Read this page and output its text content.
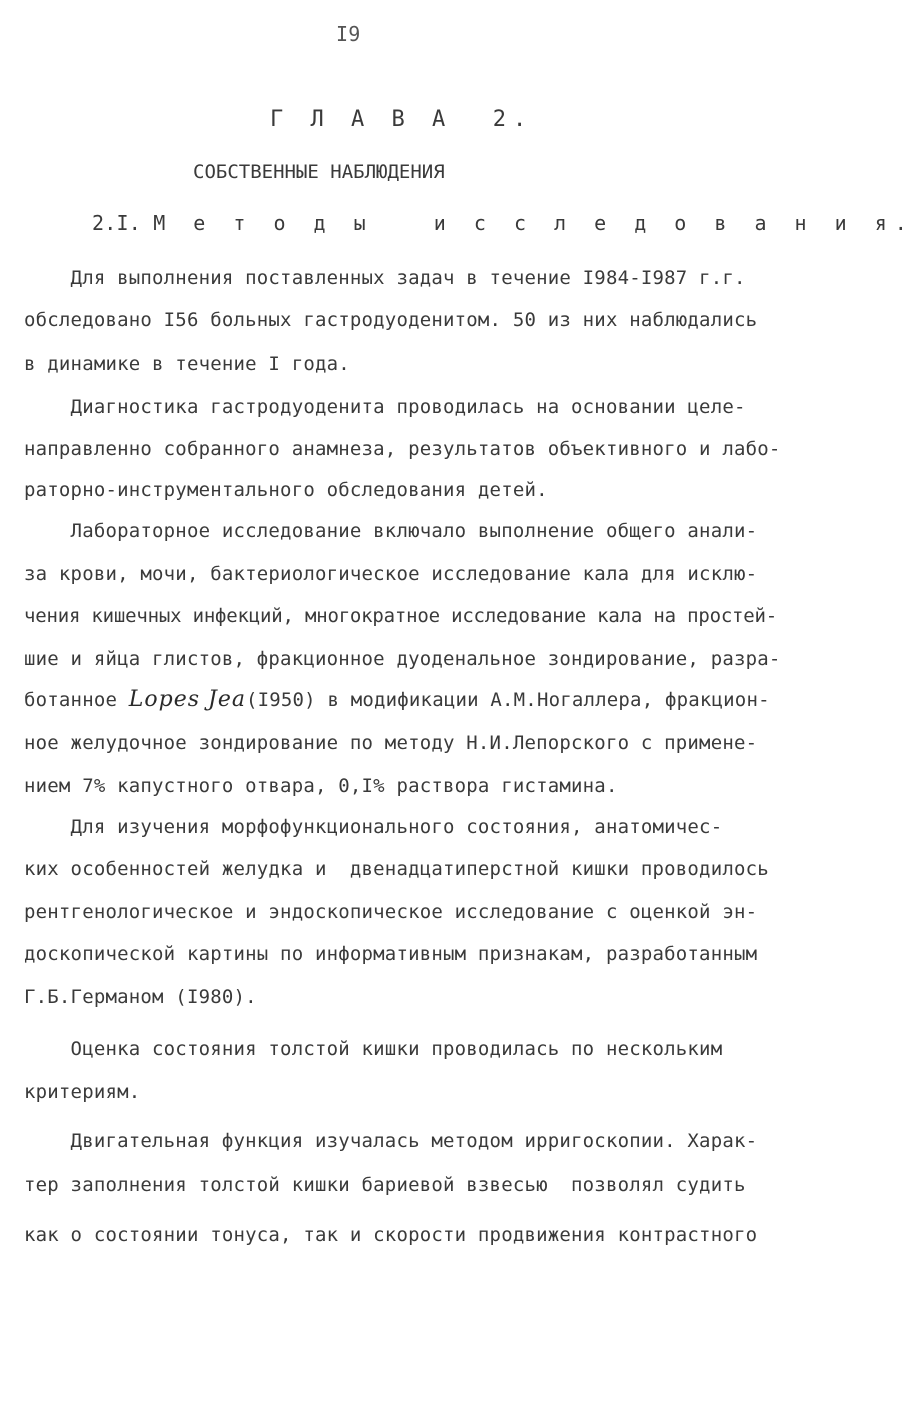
I9
Г Л А В А  2.
СОБСТВЕННЫЕ НАБЛЮДЕНИЯ
2.I. М е т о д ы   и с с л е д о в а н и я.
Для выполнения поставленных задач в течение I984-I987 г.г.
обследовано I56 больных гастродуоденитом. 50 из них наблюдались
в динамике в течение I года.
Диагностика гастродуоденита проводилась на основании целе-
направленно собранного анамнеза, результатов объективного и лабо-
раторно-инструментального обследования детей.
Лабораторное исследование включало выполнение общего анали-
за крови, мочи, бактериологическое исследование кала для исклю-
чения кишечных инфекций, многократное исследование кала на простей-
шие и яйца глистов, фракционное дуоденальное зондирование, разра-
ботанное Lopes Jea(I950) в модификации А.М.Ногаллера, фракцион-
ное желудочное зондирование по методу Н.И.Лепорского с примене-
нием 7% капустного отвара, 0,I% раствора гистамина.
Для изучения морфофункционального состояния, анатомичес-
ких особенностей желудка и  двенадцатиперстной кишки проводилось
рентгенологическое и эндоскопическое исследование с оценкой эн-
доскопической картины по информативным признакам, разработанным
Г.Б.Германом (I980).
Оценка состояния толстой кишки проводилась по нескольким
критериям.
Двигательная функция изучалась методом ирригоскопии. Харак-
тер заполнения толстой кишки бариевой взвесью  позволял судить
как о состоянии тонуса, так и скорости продвижения контрастного
